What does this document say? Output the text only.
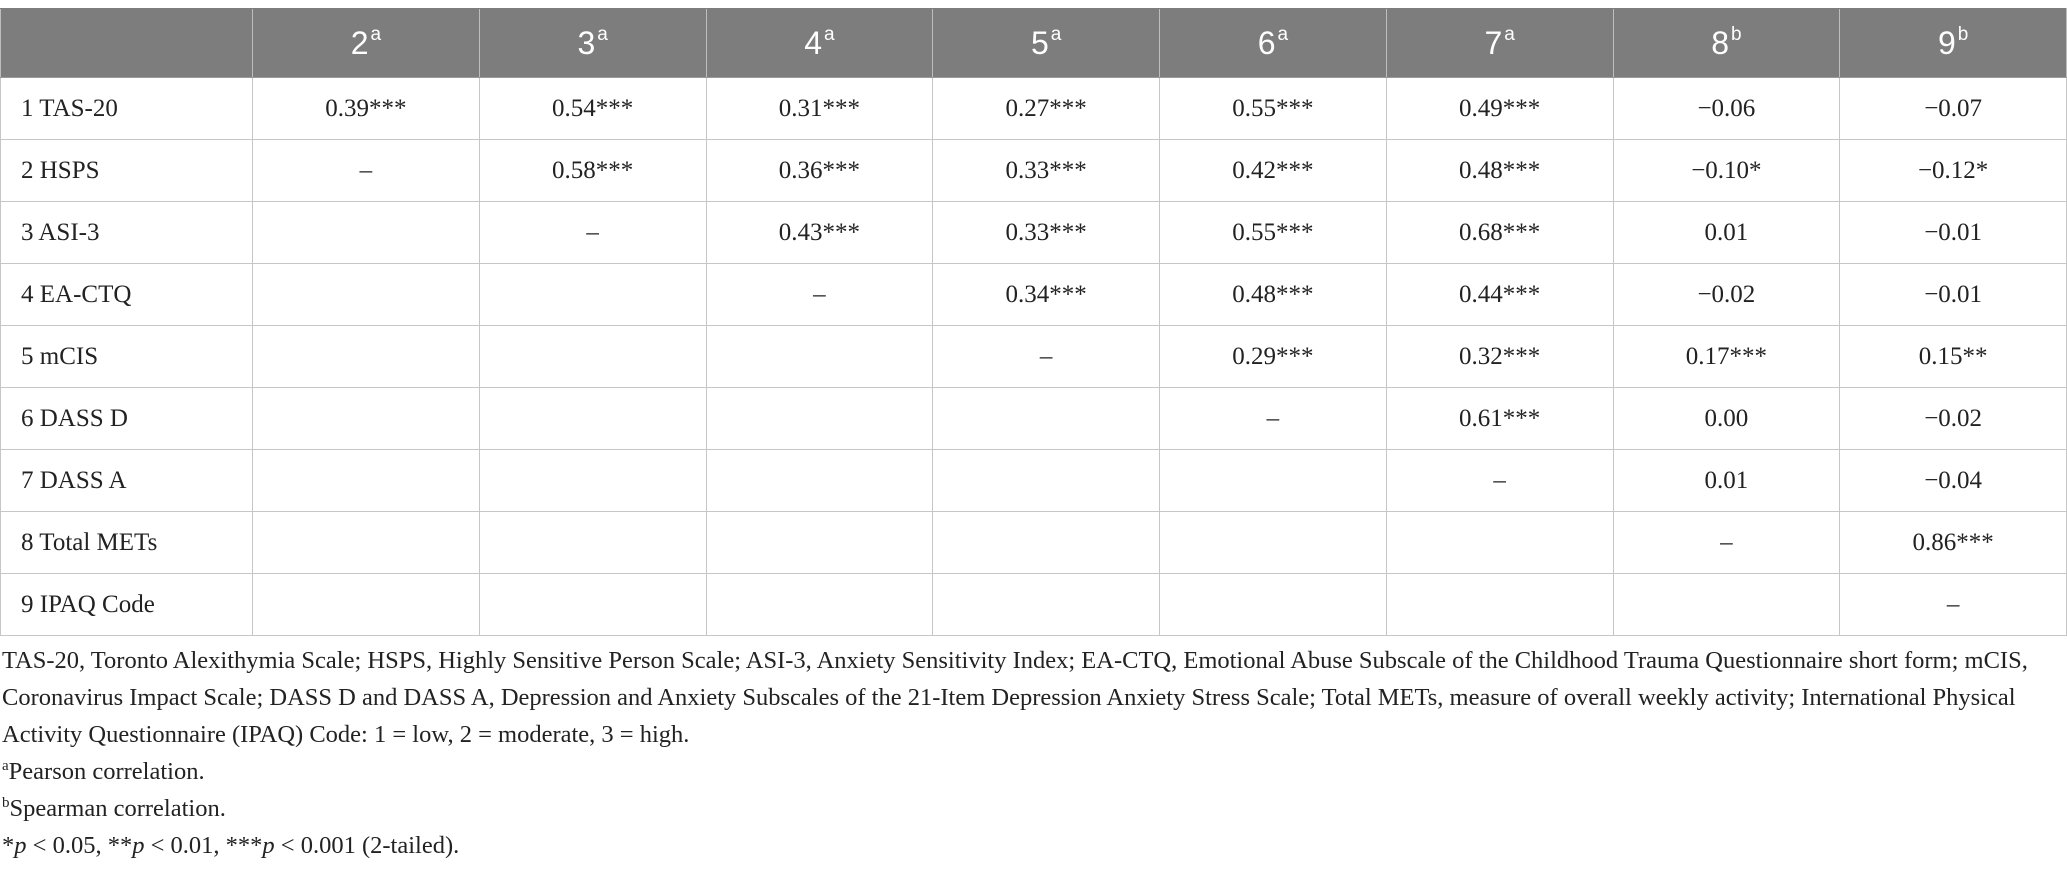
	2 $^a$	3 $^a$	4 $^a$	5 $^a$	6 $^a$	7 $^a$	8 $^b$	9 $^b$
1 TAS-20	0.39***	0.54***	0.31***	0.27***	0.55***	0.49***	−0.06	−0.07
2 HSPS	–	0.58***	0.36***	0.33***	0.42***	0.48***	−0.10*	−0.12*
3 ASI-3		–	0.43***	0.33***	0.55***	0.68***	0.01	−0.01
4 EA-CTQ			–	0.34***	0.48***	0.44***	−0.02	−0.01
5 mCIS				–	0.29***	0.32***	0.17***	0.15**
6 DASS D					–	0.61***	0.00	−0.02
7 DASS A						–	0.01	−0.04
8 Total METs							–	0.86***
9 IPAQ Code								–

TAS-20, Toronto Alexithymia Scale; HSPS, Highly Sensitive Person Scale; ASI-3, Anxiety Sensitivity Index; EA-CTQ, Emotional Abuse Subscale of the Childhood Trauma Questionnaire short form; mCIS, Coronavirus Impact Scale; DASS D and DASS A, Depression and Anxiety Subscales of the 21-Item Depression Anxiety Stress Scale; Total METs, measure of overall weekly activity; International Physical Activity Questionnaire (IPAQ) Code: 1 = low, 2 = moderate, 3 = high.

$^a$Pearson correlation.

$^b$Spearman correlation.

*p < 0.05, **p < 0.01, ***p < 0.001 (2-tailed).
